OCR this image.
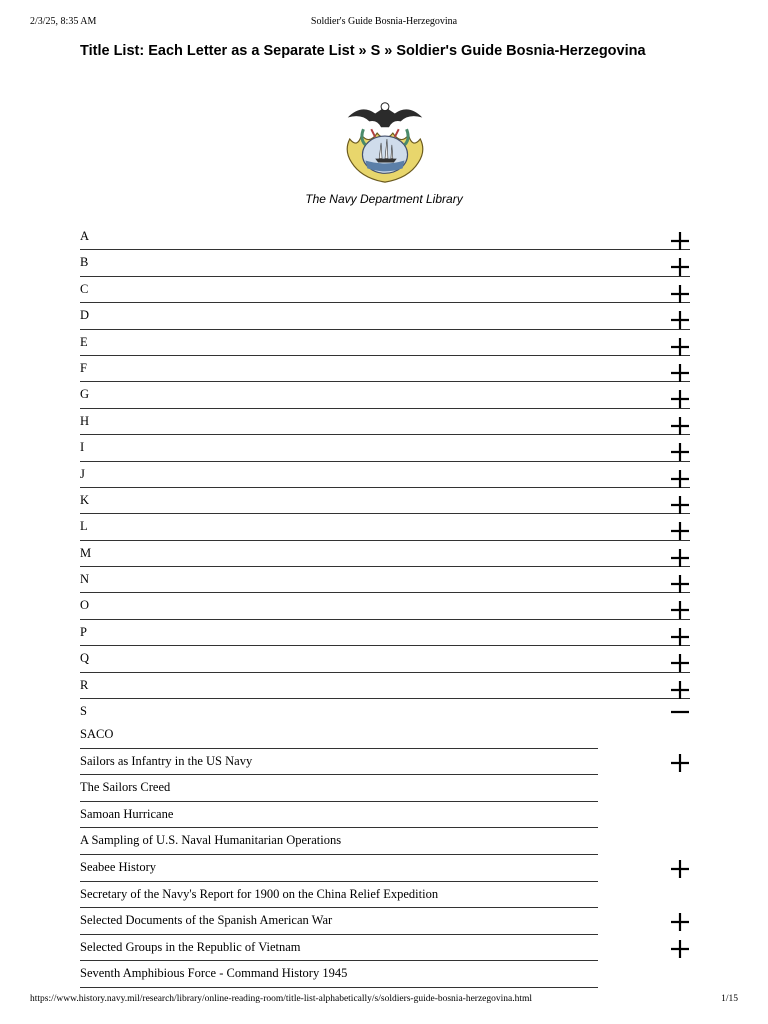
2/3/25, 8:35 AM	Soldier's Guide Bosnia-Herzegovina
Title List: Each Letter as a Separate List » S » Soldier's Guide Bosnia-Herzegovina
The Navy Department Library
A
B
C
D
E
F
G
H
I
J
K
L
M
N
O
P
Q
R
S
SACO
Sailors as Infantry in the US Navy
The Sailors Creed
Samoan Hurricane
A Sampling of U.S. Naval Humanitarian Operations
Seabee History
Secretary of the Navy's Report for 1900 on the China Relief Expedition
Selected Documents of the Spanish American War
Selected Groups in the Republic of Vietnam
Seventh Amphibious Force - Command History 1945
https://www.history.navy.mil/research/library/online-reading-room/title-list-alphabetically/s/soldiers-guide-bosnia-herzegovina.html	1/15
